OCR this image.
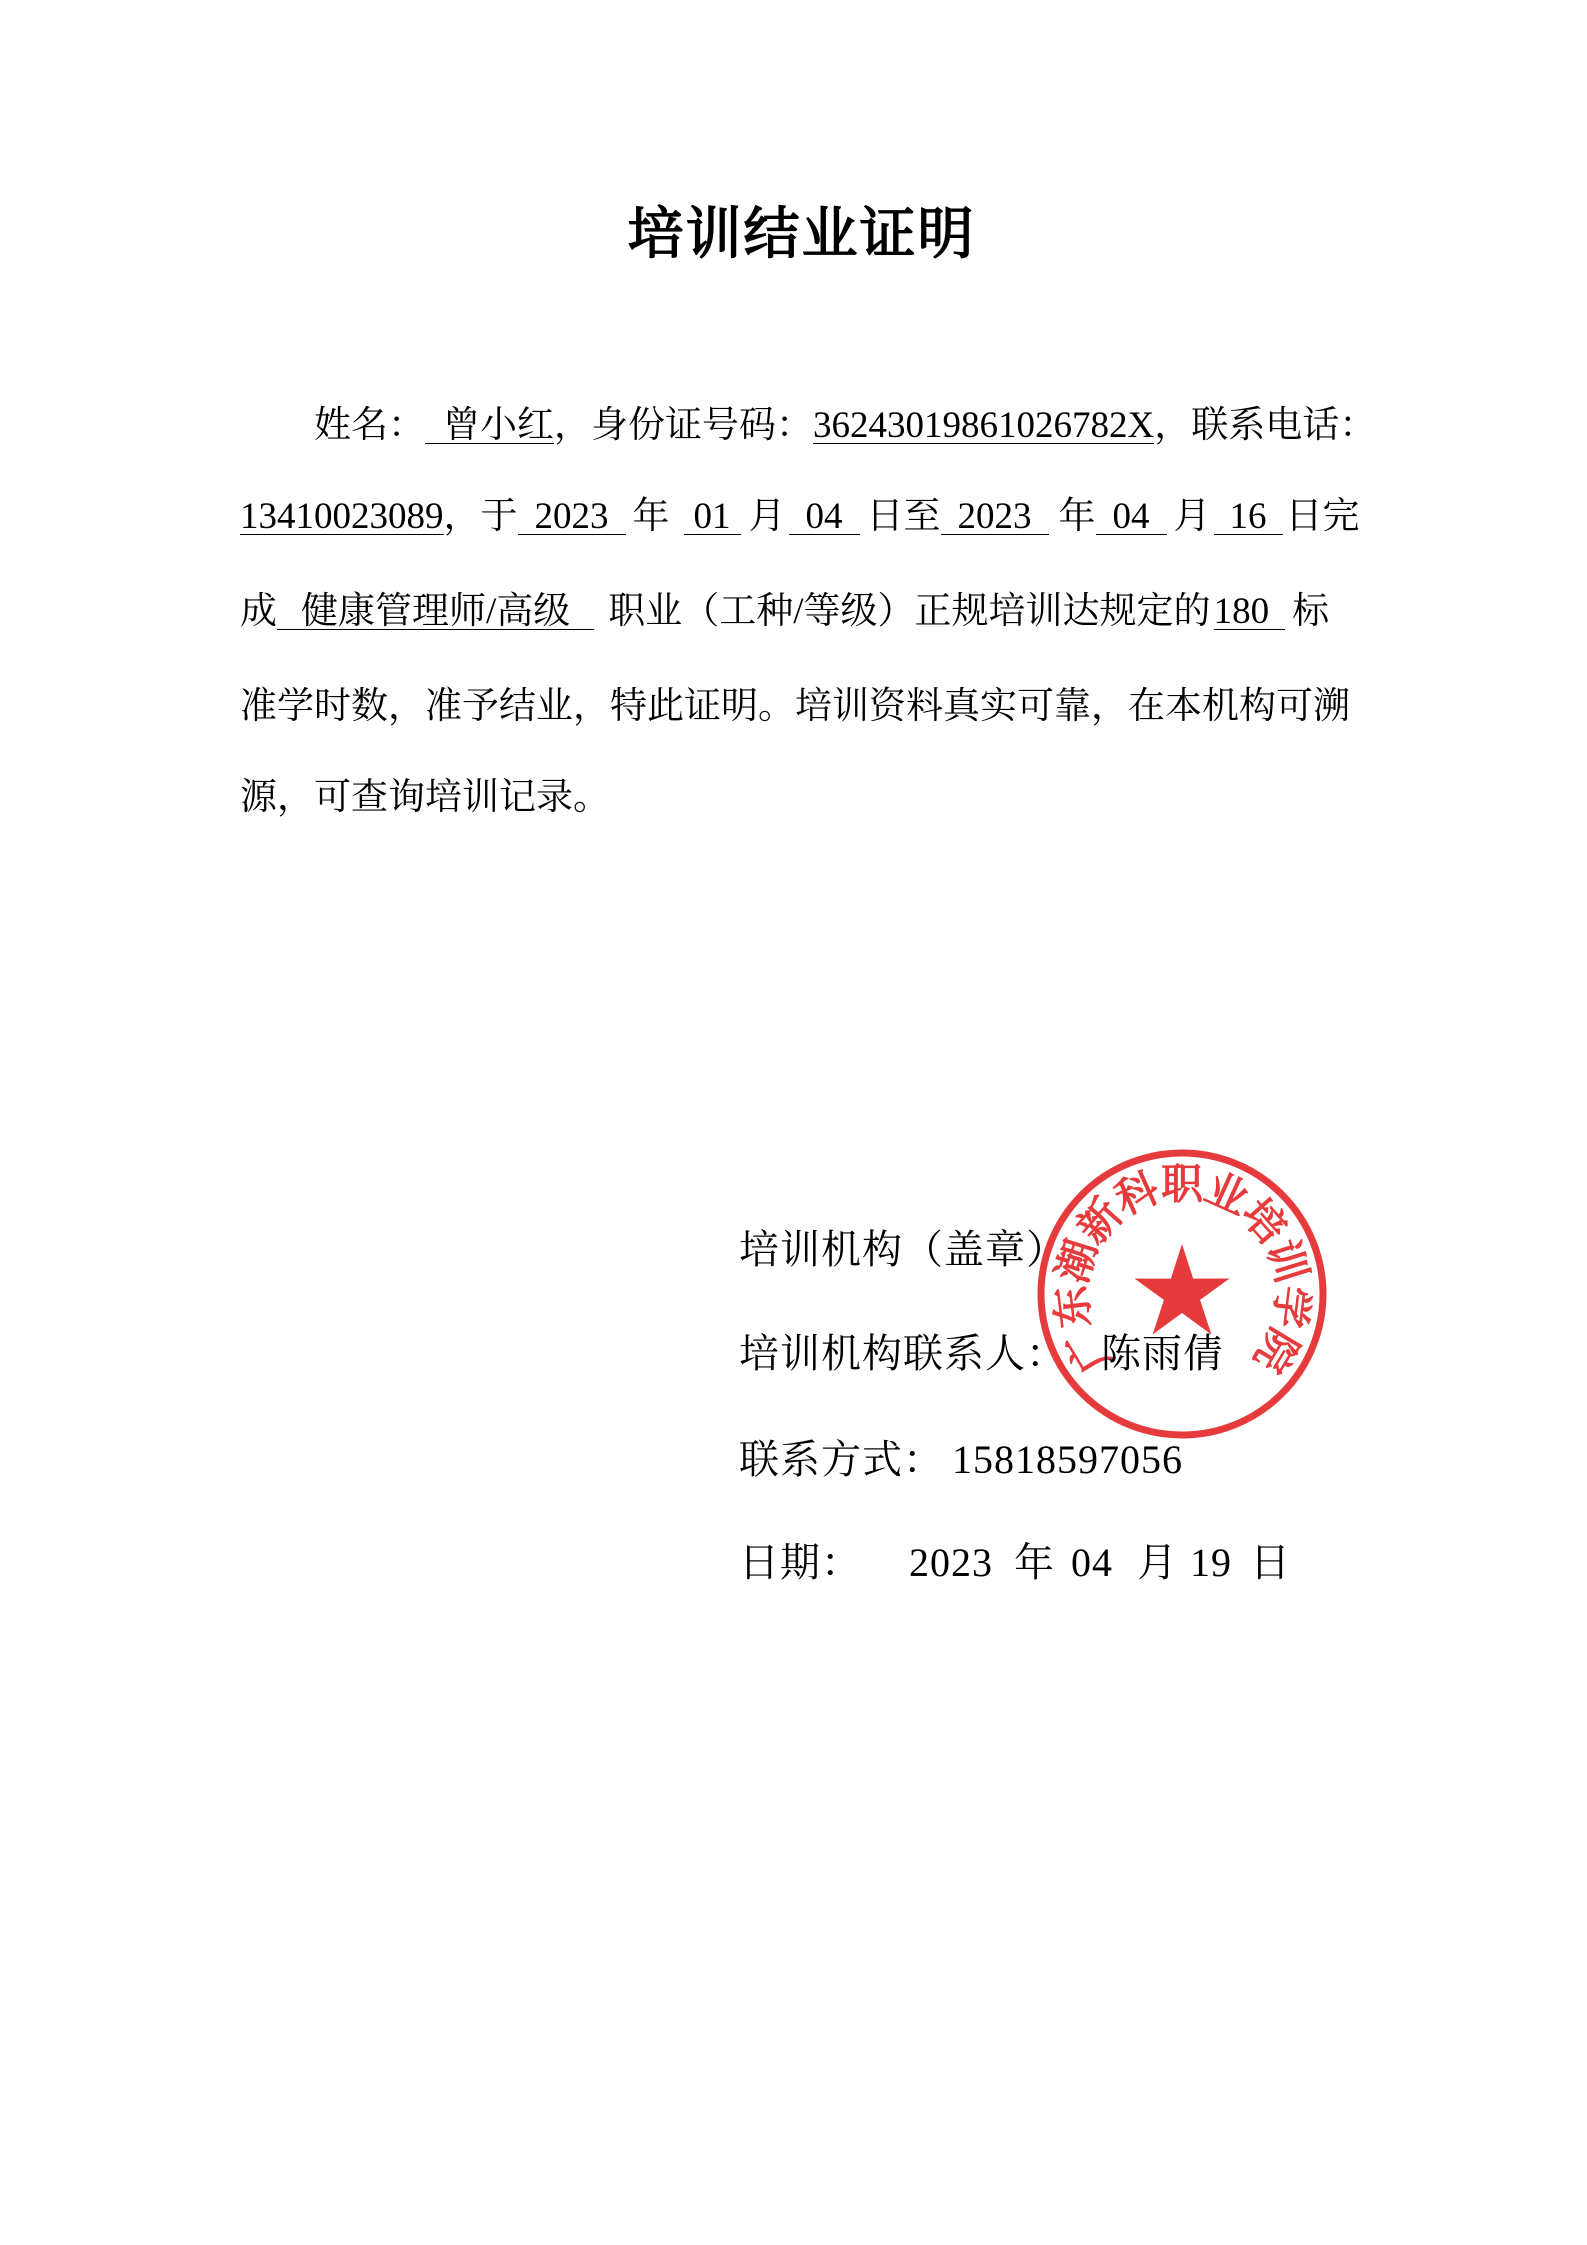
培训结业证明
姓名： 曾小红 ，身份证号码： 36243019861026782X ，联系电话：
13410023089 ，于 2023 年 01 月 04 日至 2023 年 04 月 16 日完
成 健康管理师/高级	职业（工种/等级）正规培训达规定的 180 标
准学时数，准予结业，特此证明。培训资料真实可靠，在本机构可溯
源，可查询培训记录。
培训机构（盖章）
培训机构联系人： 陈雨倩
联系方式： 15818597056
日期： 2023 年 04 月 19 日
广
东
潮
新
科
职
业
培
训
学
院
